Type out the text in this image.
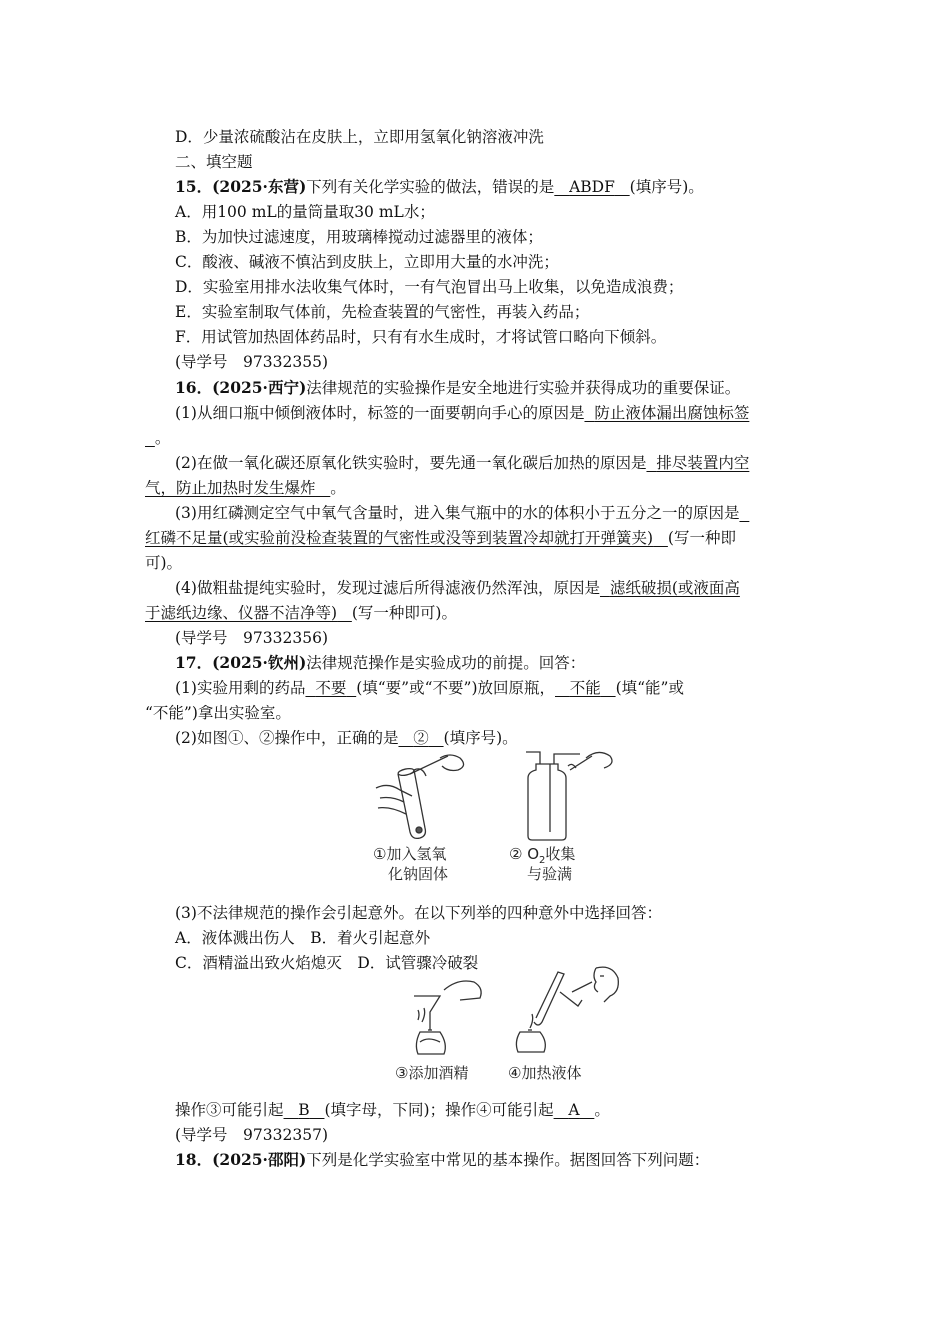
D．少量浓硫酸沾在皮肤上，立即用氢氧化钠溶液冲洗
二、填空题
15．(2025·东营)下列有关化学实验的做法，错误的是 ABDF (填序号)。
A．用100 mL的量筒量取30 mL水；
B．为加快过滤速度，用玻璃棒搅动过滤器里的液体；
C．酸液、碱液不慎沾到皮肤上，立即用大量的水冲洗；
D．实验室用排水法收集气体时，一有气泡冒出马上收集，以免造成浪费；
E．实验室制取气体前，先检查装置的气密性，再装入药品；
F．用试管加热固体药品时，只有有水生成时，才将试管口略向下倾斜。
(导学号　97332355)
16．(2025·西宁)法律规范的实验操作是安全地进行实验并获得成功的重要保证。
(1)从细口瓶中倾倒液体时，标签的一面要朝向手心的原因是 防止液体漏出腐蚀标签
。
(2)在做一氧化碳还原氧化铁实验时，要先通一氧化碳后加热的原因是 排尽装置内空
气，防止加热时发生爆炸 。
(3)用红磷测定空气中氧气含量时，进入集气瓶中的水的体积小于五分之一的原因是
红磷不足量(或实验前没检查装置的气密性或没等到装置冷却就打开弹簧夹) (写一种即
可)。
(4)做粗盐提纯实验时，发现过滤后所得滤液仍然浑浊，原因是 滤纸破损(或液面高
于滤纸边缘、仪器不洁净等) (写一种即可)。
(导学号　97332356)
17．(2025·钦州)法律规范操作是实验成功的前提。回答：
(1)实验用剩的药品 不要 (填“要”或“不要”)放回原瓶， 不能 (填“能”或
“不能”)拿出实验室。
(2)如图①、②操作中，正确的是 ② (填序号)。
①加入氢氧
化钠固体
② $O_2$收集
与验满
(3)不法律规范的操作会引起意外。在以下列举的四种意外中选择回答：
A．液体溅出伤人　B．着火引起意外
C．酒精溢出致火焰熄灭　D．试管骤冷破裂
③添加酒精	④加热液体
操作③可能引起 B (填字母，下同)；操作④可能引起 A 。
(导学号　97332357)
18．(2025·邵阳)下列是化学实验室中常见的基本操作。据图回答下列问题：
